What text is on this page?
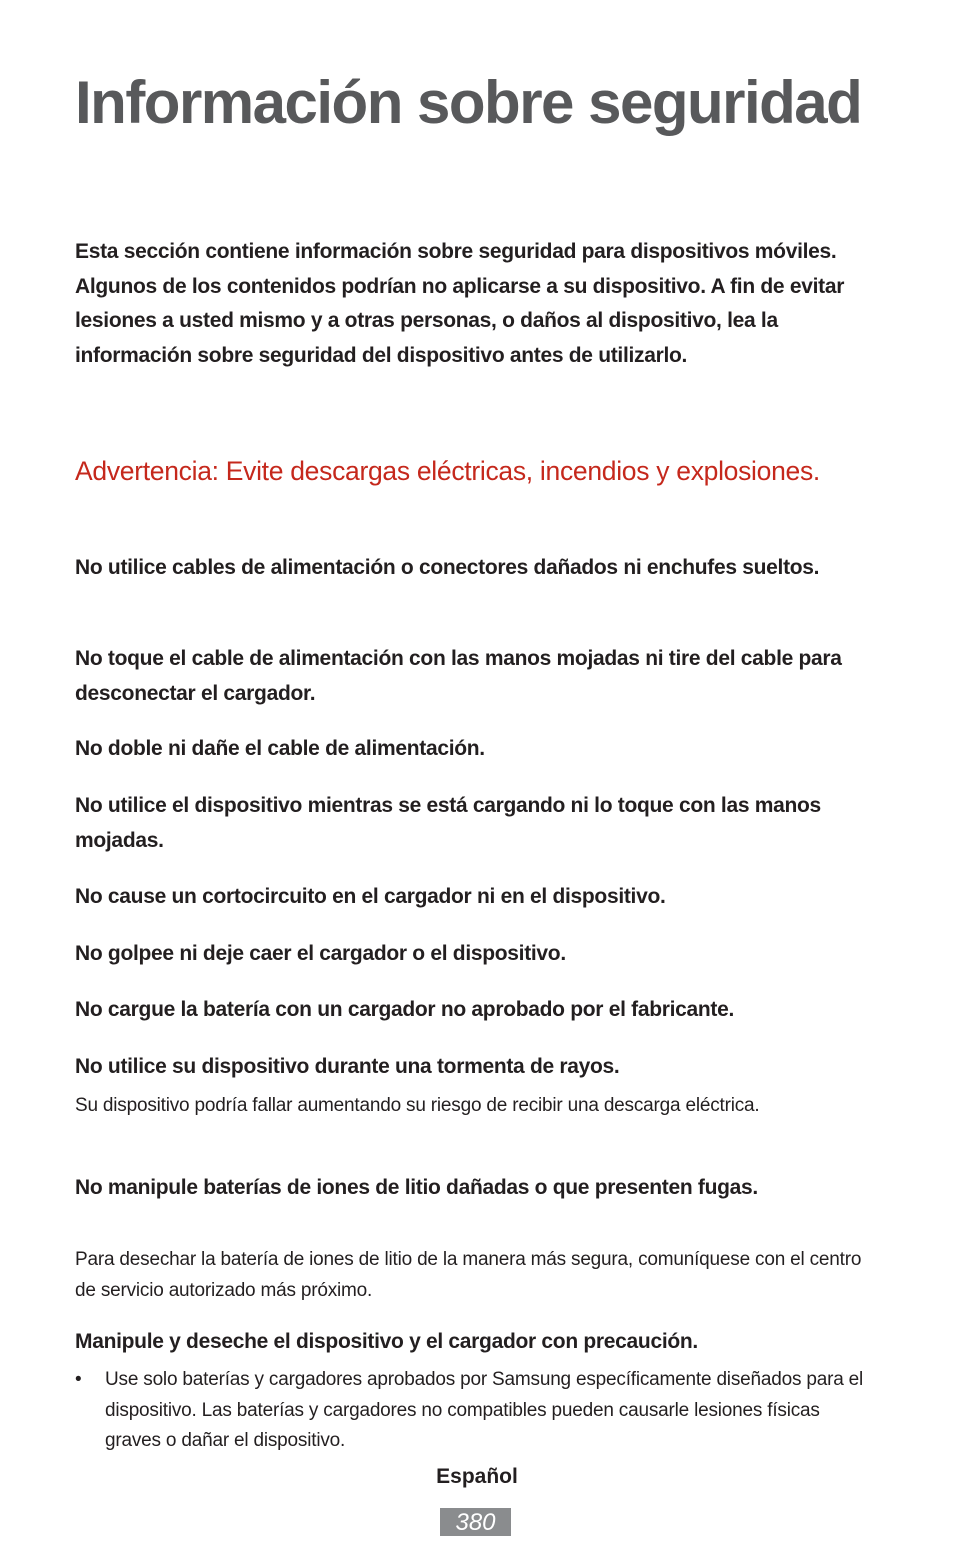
Información sobre seguridad

Esta sección contiene información sobre seguridad para dispositivos móviles. Algunos de los contenidos podrían no aplicarse a su dispositivo. A fin de evitar lesiones a usted mismo y a otras personas, o daños al dispositivo, lea la información sobre seguridad del dispositivo antes de utilizarlo.

Advertencia: Evite descargas eléctricas, incendios y explosiones.

No utilice cables de alimentación o conectores dañados ni enchufes sueltos.

No toque el cable de alimentación con las manos mojadas ni tire del cable para desconectar el cargador.

No doble ni dañe el cable de alimentación.

No utilice el dispositivo mientras se está cargando ni lo toque con las manos mojadas.

No cause un cortocircuito en el cargador ni en el dispositivo.

No golpee ni deje caer el cargador o el dispositivo.

No cargue la batería con un cargador no aprobado por el fabricante.

No utilice su dispositivo durante una tormenta de rayos.

Su dispositivo podría fallar aumentando su riesgo de recibir una descarga eléctrica.

No manipule baterías de iones de litio dañadas o que presenten fugas.

Para desechar la batería de iones de litio de la manera más segura, comuníquese con el centro de servicio autorizado más próximo.

Manipule y deseche el dispositivo y el cargador con precaución.

• Use solo baterías y cargadores aprobados por Samsung específicamente diseñados para el dispositivo. Las baterías y cargadores no compatibles pueden causarle lesiones físicas graves o dañar el dispositivo.
Español
380
